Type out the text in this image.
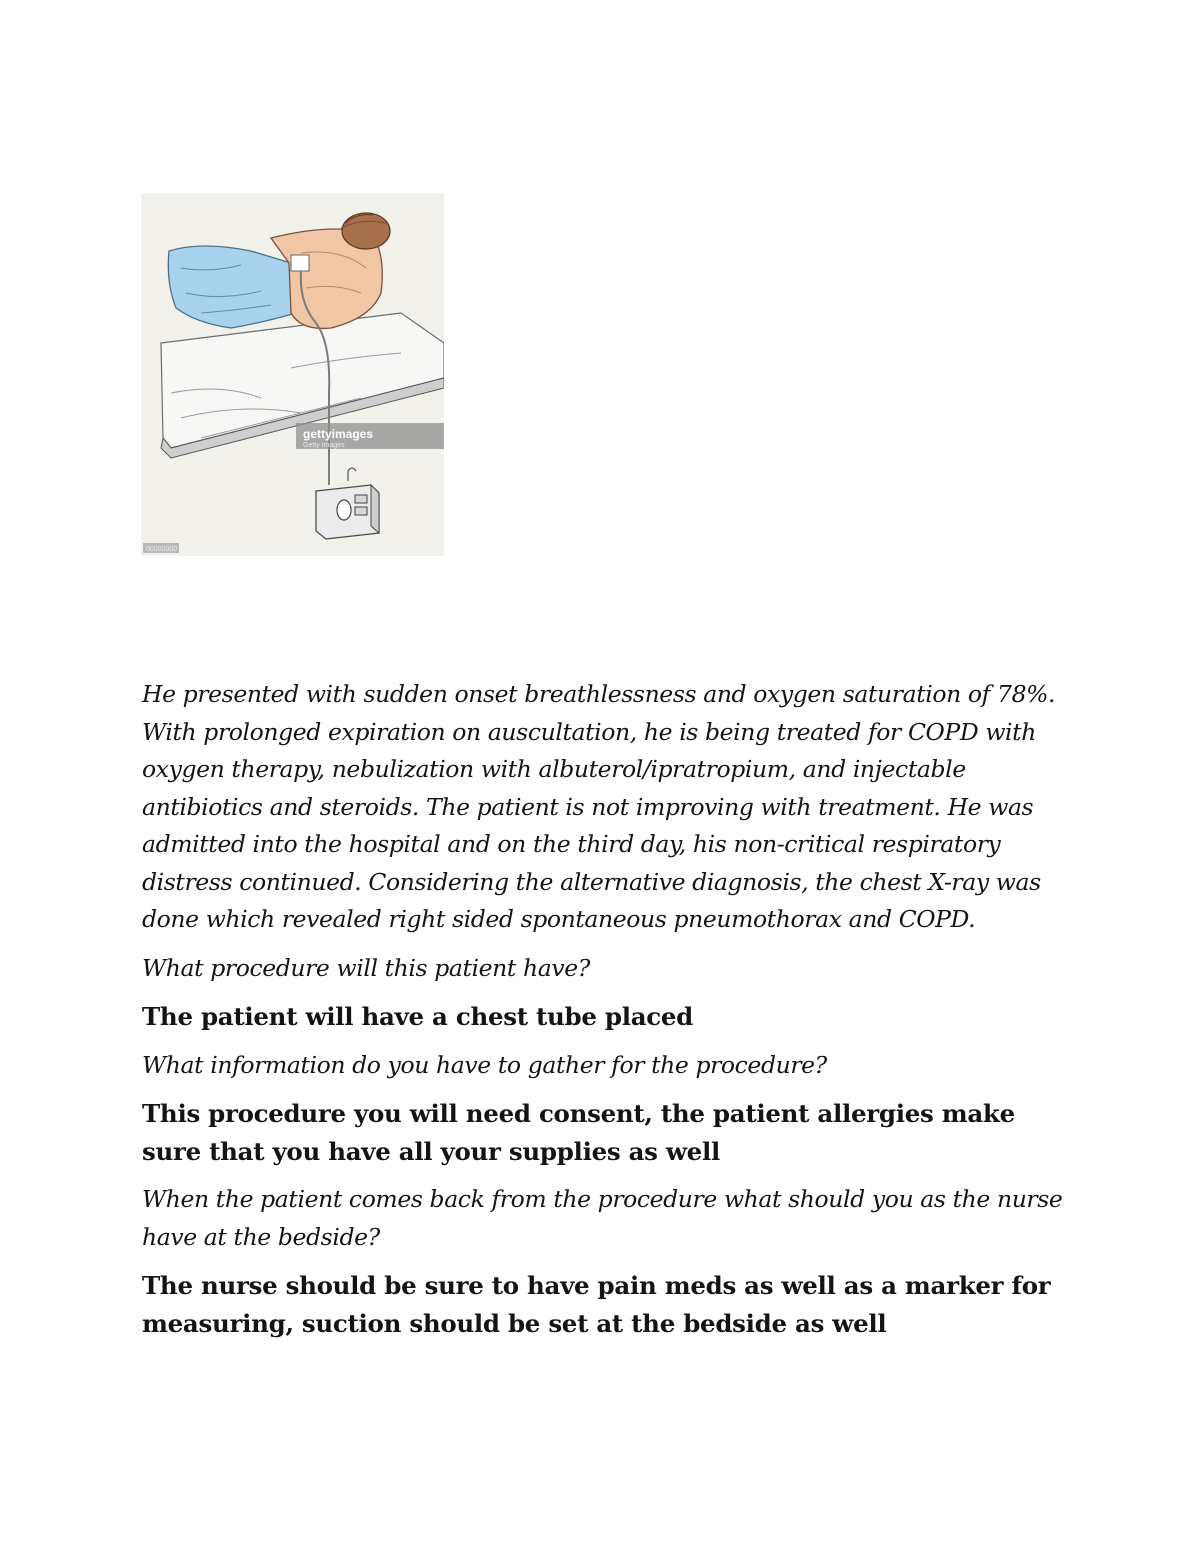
gettyimages
Getty Images
00000000

He presented with sudden onset breathlessness and oxygen saturation of 78%. With prolonged expiration on auscultation, he is being treated for COPD with oxygen therapy, nebulization with albuterol/ipratropium, and injectable antibiotics and steroids. The patient is not improving with treatment. He was admitted into the hospital and on the third day, his non-critical respiratory distress continued. Considering the alternative diagnosis, the chest X-ray was done which revealed right sided spontaneous pneumothorax and COPD.

What procedure will this patient have?

The patient will have a chest tube placed

What information do you have to gather for the procedure?

This procedure you will need consent, the patient allergies make sure that you have all your supplies as well

When the patient comes back from the procedure what should you as the nurse have at the bedside?

The nurse should be sure to have pain meds as well as a marker for measuring, suction should be set at the bedside as well
